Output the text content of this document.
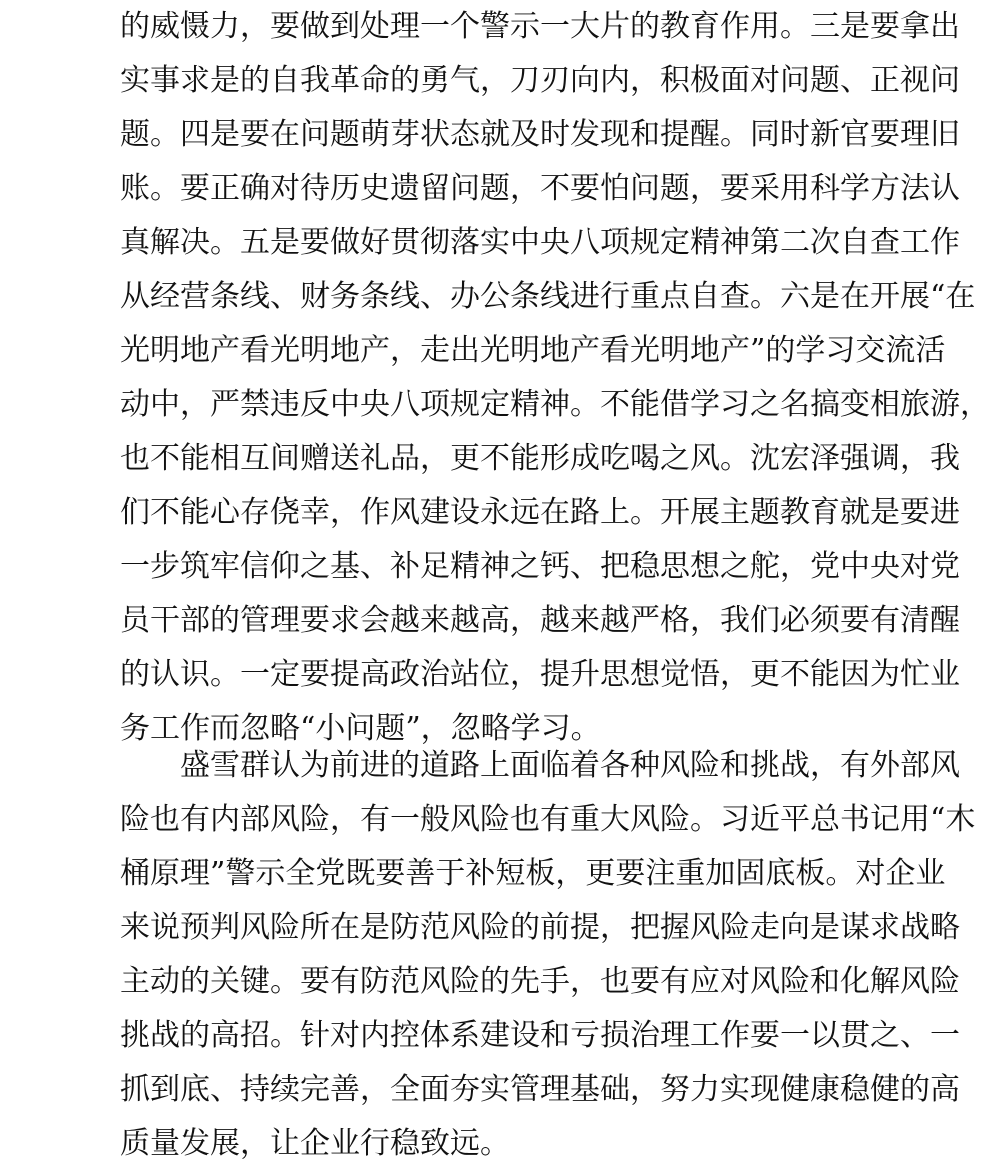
的威慑力，要做到处理一个警示一大片的教育作用。三是要拿出
实事求是的自我革命的勇气，刀刃向内，积极面对问题、正视问
题。四是要在问题萌芽状态就及时发现和提醒。同时新官要理旧
账。要正确对待历史遗留问题，不要怕问题，要采用科学方法认
真解决。五是要做好贯彻落实中央八项规定精神第二次自查工作
从经营条线、财务条线、办公条线进行重点自查。六是在开展“在
光明地产看光明地产，走出光明地产看光明地产”的学习交流活
动中，严禁违反中央八项规定精神。不能借学习之名搞变相旅游，
也不能相互间赠送礼品，更不能形成吃喝之风。沈宏泽强调，我
们不能心存侥幸，作风建设永远在路上。开展主题教育就是要进
一步筑牢信仰之基、补足精神之钙、把稳思想之舵，党中央对党
员干部的管理要求会越来越高，越来越严格，我们必须要有清醒
的认识。一定要提高政治站位，提升思想觉悟，更不能因为忙业
务工作而忽略“小问题”，忽略学习。
盛雪群认为前进的道路上面临着各种风险和挑战，有外部风
险也有内部风险，有一般风险也有重大风险。习近平总书记用“木
桶原理”警示全党既要善于补短板，更要注重加固底板。对企业
来说预判风险所在是防范风险的前提，把握风险走向是谋求战略
主动的关键。要有防范风险的先手，也要有应对风险和化解风险
挑战的高招。针对内控体系建设和亏损治理工作要一以贯之、一
抓到底、持续完善，全面夯实管理基础，努力实现健康稳健的高
质量发展，让企业行稳致远。
